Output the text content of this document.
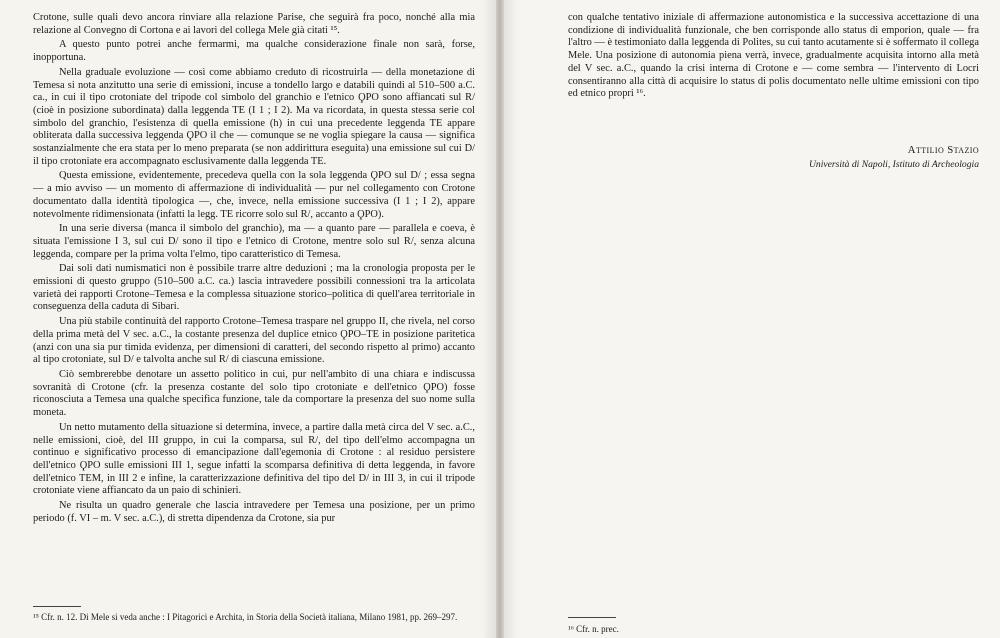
Crotone, sulle quali devo ancora rinviare alla relazione Parise, che seguirà fra poco, nonché alla mia relazione al Convegno di Cortona e ai lavori del collega Mele già citati ¹⁵.

A questo punto potrei anche fermarmi, ma qualche considerazione finale non sarà, forse, inopportuna.

Nella graduale evoluzione — così come abbiamo creduto di ricostruirla — della monetazione di Temesa si nota anzitutto una serie di emissioni, incuse a tondello largo e databili quindi al 510–500 a.C. ca., in cui il tipo crotoniate del tripode col simbolo del granchio e l'etnico ϘPO sono affiancati sul R/ (cioè in posizione subordinata) dalla leggenda TE (I 1 ; I 2). Ma va ricordata, in questa stessa serie col simbolo del granchio, l'esistenza di quella emissione (h) in cui una precedente leggenda TE appare obliterata dalla successiva leggenda ϘPO il che — comunque se ne voglia spiegare la causa — significa sostanzialmente che era stata per lo meno preparata (se non addirittura eseguita) una emissione sul cui D/ il tipo crotoniate era accompagnato esclusivamente dalla leggenda TE.

Questa emissione, evidentemente, precedeva quella con la sola leggenda ϘPO sul D/ ; essa segna — a mio avviso — un momento di affermazione di individualità — pur nel collegamento con Crotone documentato dalla identità tipologica —, che, invece, nella emissione successiva (I 1 ; I 2), appare notevolmente ridimensionata (infatti la legg. TE ricorre solo sul R/, accanto a ϘPO).

In una serie diversa (manca il simbolo del granchio), ma — a quanto pare — parallela e coeva, è situata l'emissione I 3, sul cui D/ sono il tipo e l'etnico di Crotone, mentre solo sul R/, senza alcuna leggenda, compare per la prima volta l'elmo, tipo caratteristico di Temesa.

Dai soli dati numismatici non è possibile trarre altre deduzioni ; ma la cronologia proposta per le emissioni di questo gruppo (510–500 a.C. ca.) lascia intravedere possibili connessioni tra la articolata varietà dei rapporti Crotone–Temesa e la complessa situazione storico–politica di quell'area territoriale in conseguenza della caduta di Sibari.

Una più stabile continuità del rapporto Crotone–Temesa traspare nel gruppo II, che rivela, nel corso della prima metà del V sec. a.C., la costante presenza del duplice etnico ϘPO–TE in posizione paritetica (anzi con una sia pur timida evidenza, per dimensioni di caratteri, del secondo rispetto al primo) accanto al tipo crotoniate, sul D/ e talvolta anche sul R/ di ciascuna emissione.

Ciò sembrerebbe denotare un assetto politico in cui, pur nell'ambito di una chiara e indiscussa sovranità di Crotone (cfr. la presenza costante del solo tipo crotoniate e dell'etnico ϘPO) fosse riconosciuta a Temesa una qualche specifica funzione, tale da comportare la presenza del suo nome sulla moneta.

Un netto mutamento della situazione si determina, invece, a partire dalla metà circa del V sec. a.C., nelle emissioni, cioè, del III gruppo, in cui la comparsa, sul R/, del tipo dell'elmo accompagna un continuo e significativo processo di emancipazione dall'egemonia di Crotone : al residuo persistere dell'etnico ϘPO sulle emissioni III 1, segue infatti la scomparsa definitiva di detta leggenda, in favore dell'etnico TEM, in III 2 e infine, la caratterizzazione definitiva del tipo del D/ in III 3, in cui il tripode crotoniate viene affiancato da un paio di schinieri.

Ne risulta un quadro generale che lascia intravedere per Temesa una posizione, per un primo periodo (f. VI – m. V sec. a.C.), di stretta dipendenza da Crotone, sia pur

¹⁵ Cfr. n. 12. Di Mele si veda anche : I Pitagorici e Archita, in Storia della Società italiana, Milano 1981, pp. 269–297.

con qualche tentativo iniziale di affermazione autonomistica e la successiva accettazione di una condizione di individualità funzionale, che ben corrisponde allo status di emporion, quale — fra l'altro — è testimoniato dalla leggenda di Polites, su cui tanto acutamente si è soffermato il collega Mele. Una posizione di autonomia piena verrà, invece, gradualmente acquisita intorno alla metà del V sec. a.C., quando la crisi interna di Crotone e — come sembra — l'intervento di Locri consentiranno alla città di acquisire lo status di polis documentato nelle ultime emissioni con tipo ed etnico propri ¹⁶.

Attilio Stazio
Università di Napoli, Istituto di Archeologia

¹⁶ Cfr. n. prec.
